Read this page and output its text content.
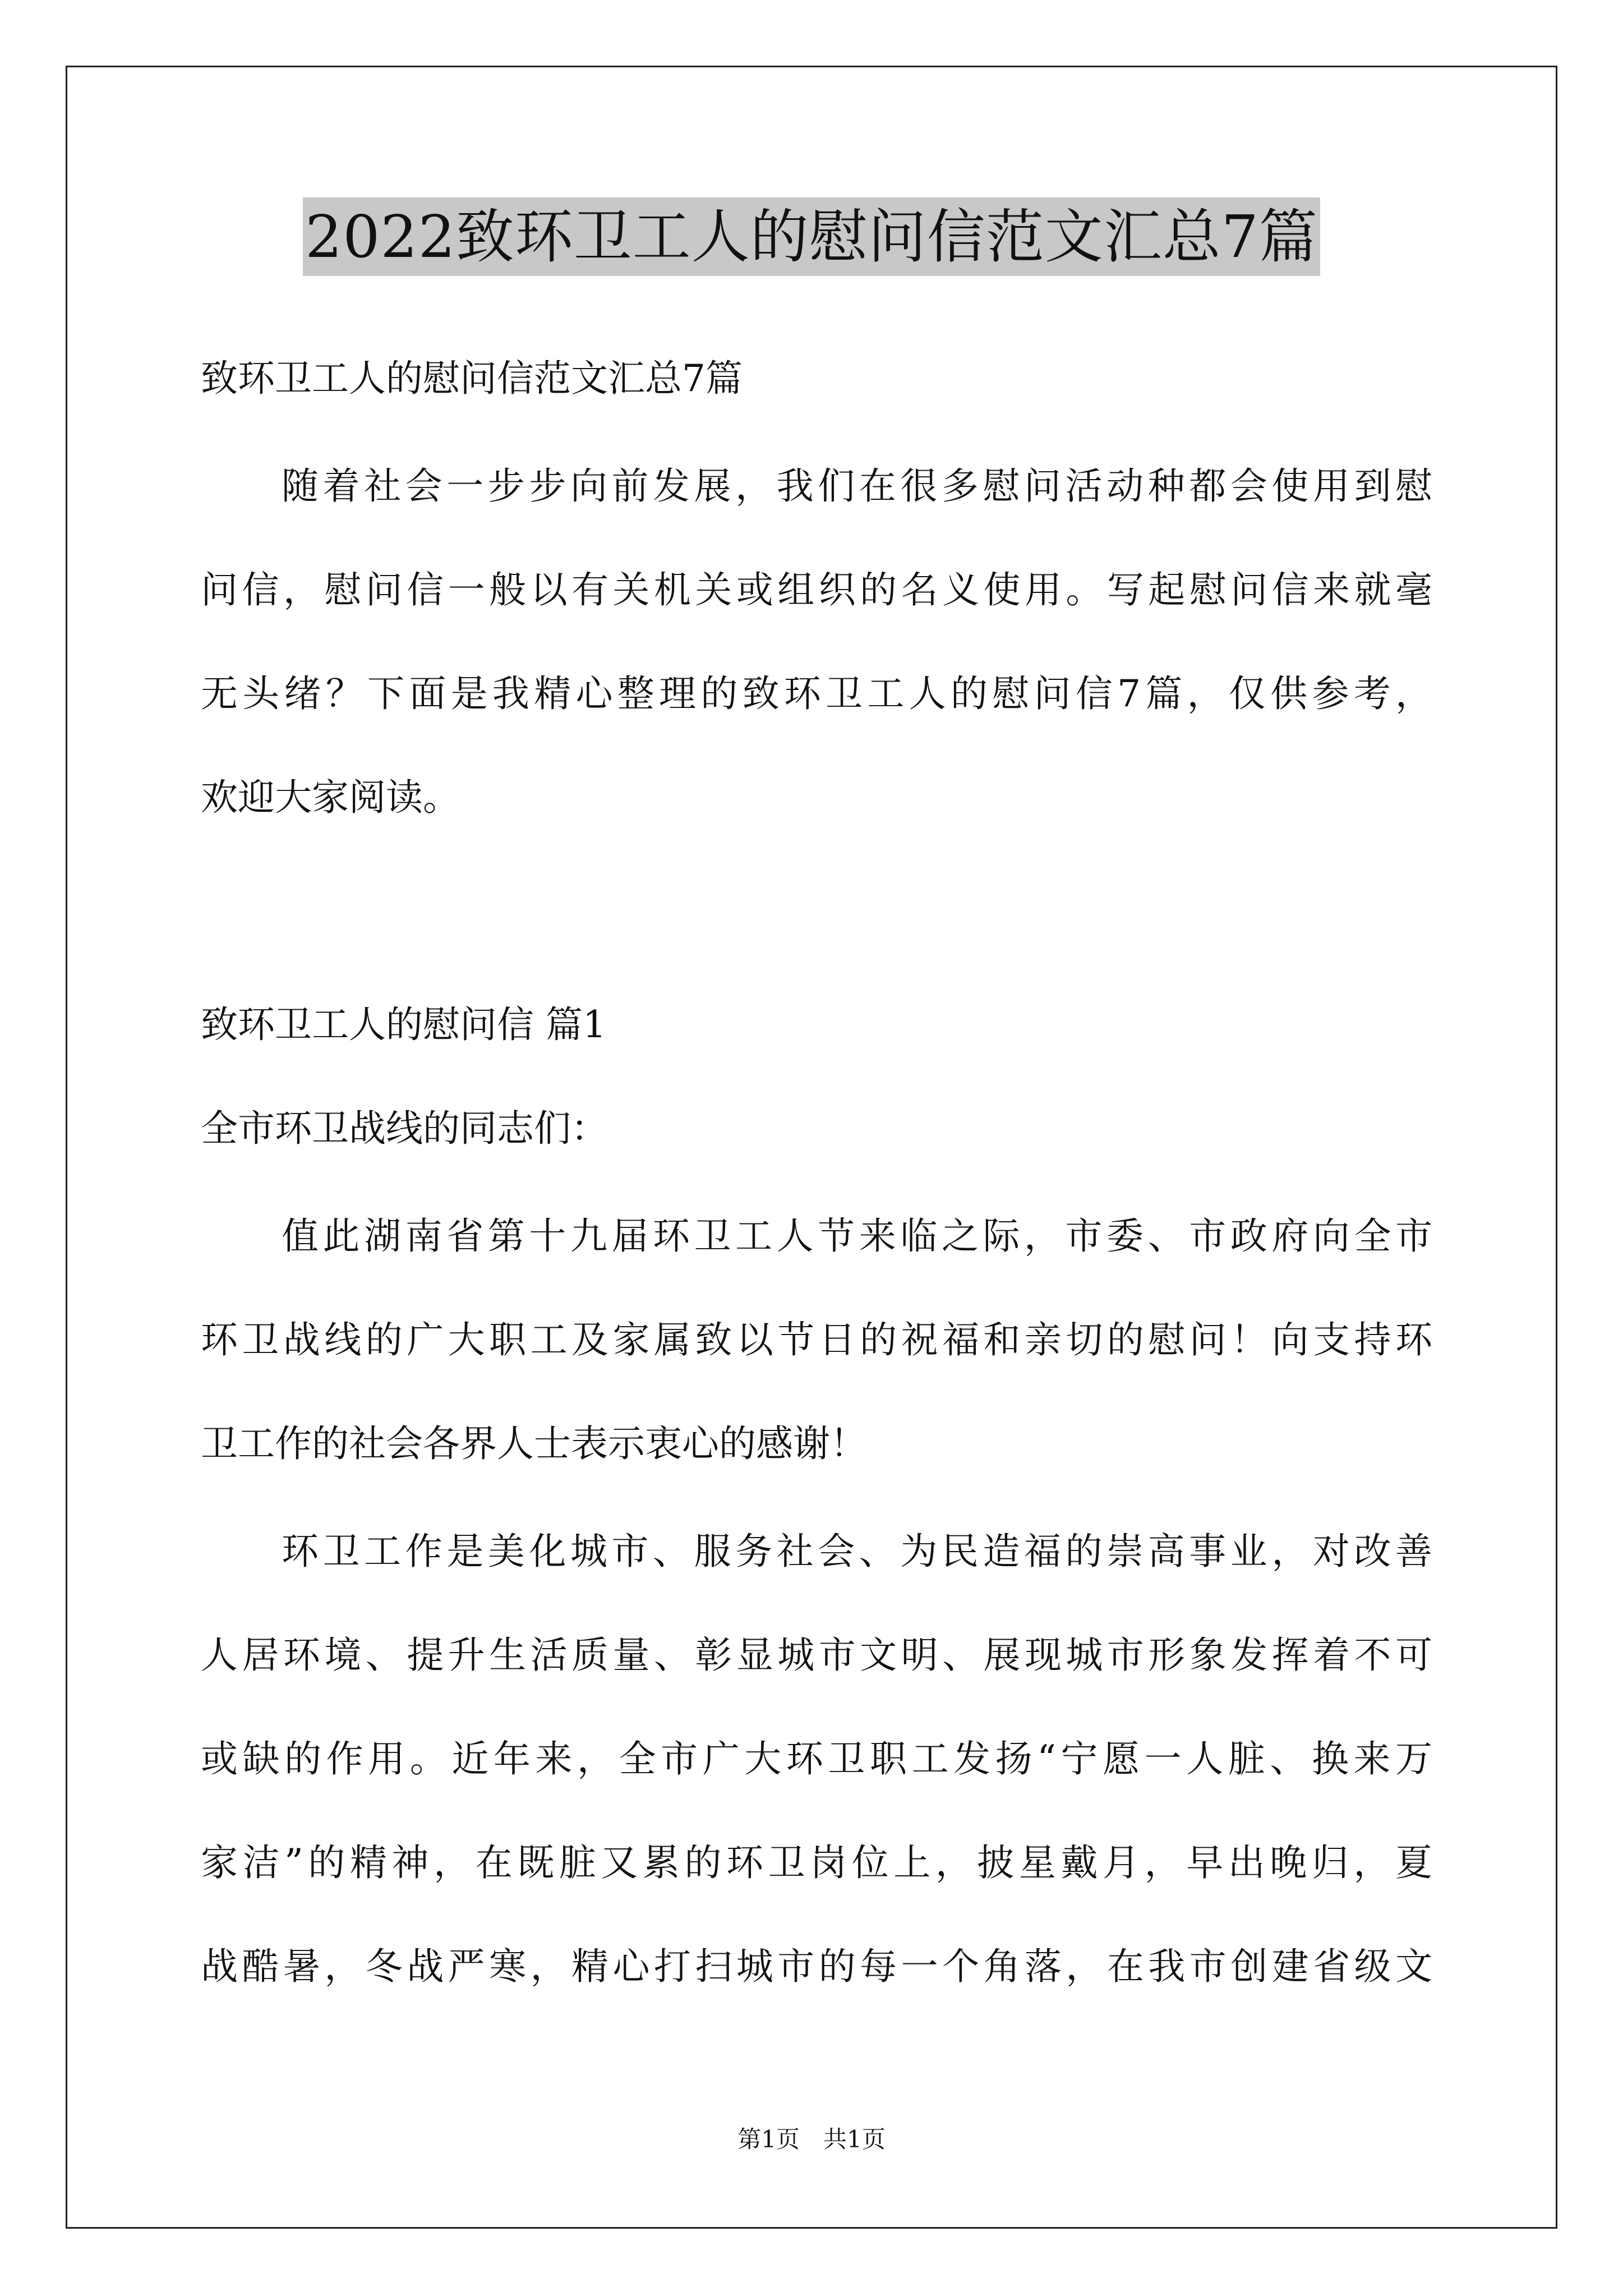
2022致环卫工人的慰问信范文汇总7篇
致环卫工人的慰问信范文汇总7篇
随着社会一步步向前发展，我们在很多慰问活动种都会使用到慰
问信，慰问信一般以有关机关或组织的名义使用。写起慰问信来就毫
无头绪？下面是我精心整理的致环卫工人的慰问信7篇，仅供参考，
欢迎大家阅读。
致环卫工人的慰问信 篇1
全市环卫战线的同志们：
值此湖南省第十九届环卫工人节来临之际，市委、市政府向全市
环卫战线的广大职工及家属致以节日的祝福和亲切的慰问！向支持环
卫工作的社会各界人士表示衷心的感谢！
环卫工作是美化城市、服务社会、为民造福的崇高事业，对改善
人居环境、提升生活质量、彰显城市文明、展现城市形象发挥着不可
或缺的作用。近年来，全市广大环卫职工发扬“宁愿一人脏、换来万
家洁”的精神，在既脏又累的环卫岗位上，披星戴月，早出晚归，夏
战酷暑，冬战严寒，精心打扫城市的每一个角落，在我市创建省级文
第1页　共1页
